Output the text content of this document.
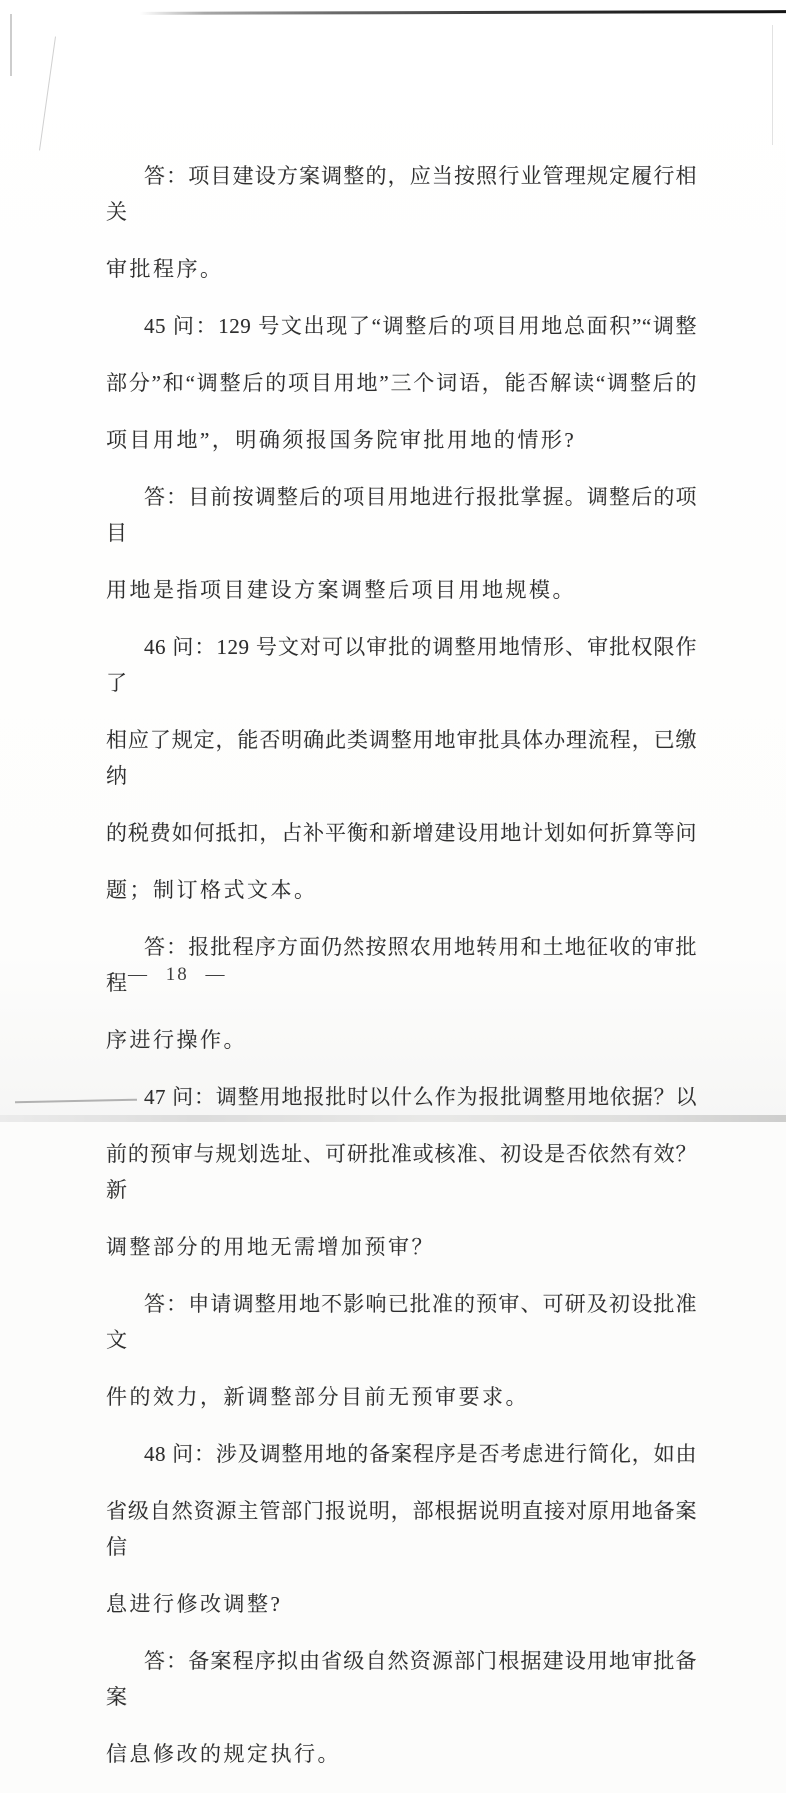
答：项目建设方案调整的，应当按照行业管理规定履行相关

审批程序。

45 问：129 号文出现了“调整后的项目用地总面积”“调整

部分”和“调整后的项目用地”三个词语，能否解读“调整后的

项目用地”，明确须报国务院审批用地的情形?

答：目前按调整后的项目用地进行报批掌握。调整后的项目

用地是指项目建设方案调整后项目用地规模。

46 问：129 号文对可以审批的调整用地情形、审批权限作了

相应了规定，能否明确此类调整用地审批具体办理流程，已缴纳

的税费如何抵扣，占补平衡和新增建设用地计划如何折算等问

题；制订格式文本。

答：报批程序方面仍然按照农用地转用和土地征收的审批程

序进行操作。

47 问：调整用地报批时以什么作为报批调整用地依据？以

前的预审与规划选址、可研批准或核准、初设是否依然有效？新

调整部分的用地无需增加预审？

答：申请调整用地不影响已批准的预审、可研及初设批准文

件的效力，新调整部分目前无预审要求。

48 问：涉及调整用地的备案程序是否考虑进行简化，如由

省级自然资源主管部门报说明，部根据说明直接对原用地备案信

息进行修改调整?

答：备案程序拟由省级自然资源部门根据建设用地审批备案

信息修改的规定执行。

— 18 —
